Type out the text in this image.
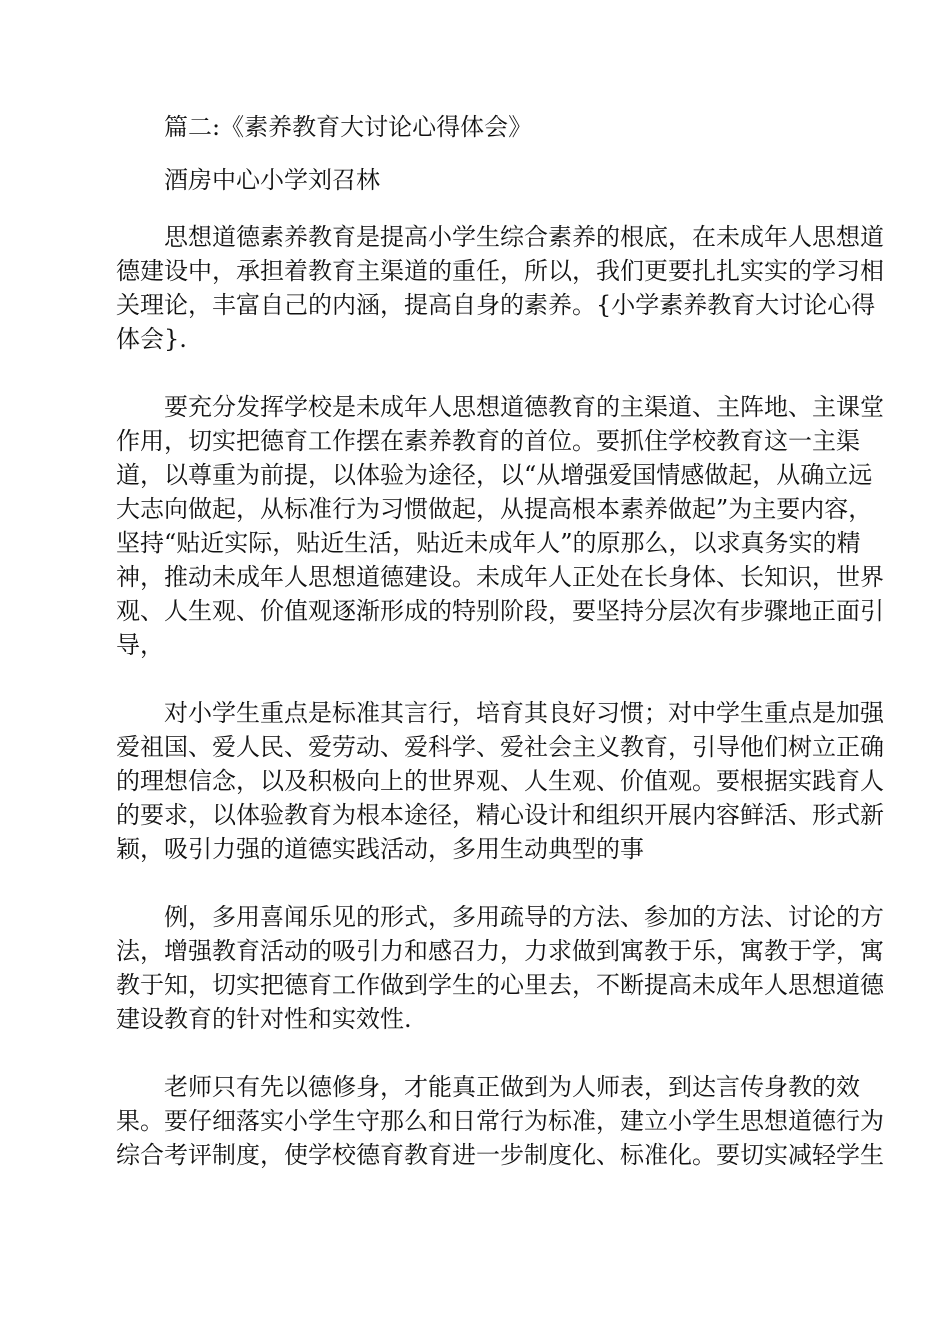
篇二:《素养教育大讨论心得体会》
酒房中心小学刘召林
思想道德素养教育是提高小学生综合素养的根底，在未成年人思想道
德建设中，承担着教育主渠道的重任，所以，我们更要扎扎实实的学习相
关理论，丰富自己的内涵，提高自身的素养。{小学素养教育大讨论心得
体会}.
要充分发挥学校是未成年人思想道德教育的主渠道、主阵地、主课堂
作用，切实把德育工作摆在素养教育的首位。要抓住学校教育这一主渠
道，以尊重为前提，以体验为途径，以“从增强爱国情感做起，从确立远
大志向做起，从标准行为习惯做起，从提高根本素养做起”为主要内容，
坚持“贴近实际，贴近生活，贴近未成年人”的原那么，以求真务实的精
神，推动未成年人思想道德建设。未成年人正处在长身体、长知识，世界
观、人生观、价值观逐渐形成的特别阶段，要坚持分层次有步骤地正面引
导，
对小学生重点是标准其言行，培育其良好习惯；对中学生重点是加强
爱祖国、爱人民、爱劳动、爱科学、爱社会主义教育，引导他们树立正确
的理想信念，以及积极向上的世界观、人生观、价值观。要根据实践育人
的要求，以体验教育为根本途径，精心设计和组织开展内容鲜活、形式新
颖，吸引力强的道德实践活动，多用生动典型的事
例，多用喜闻乐见的形式，多用疏导的方法、参加的方法、讨论的方
法，增强教育活动的吸引力和感召力，力求做到寓教于乐，寓教于学，寓
教于知，切实把德育工作做到学生的心里去，不断提高未成年人思想道德
建设教育的针对性和实效性.
老师只有先以德修身，才能真正做到为人师表，到达言传身教的效
果。要仔细落实小学生守那么和日常行为标准，建立小学生思想道德行为
综合考评制度，使学校德育教育进一步制度化、标准化。要切实减轻学生
